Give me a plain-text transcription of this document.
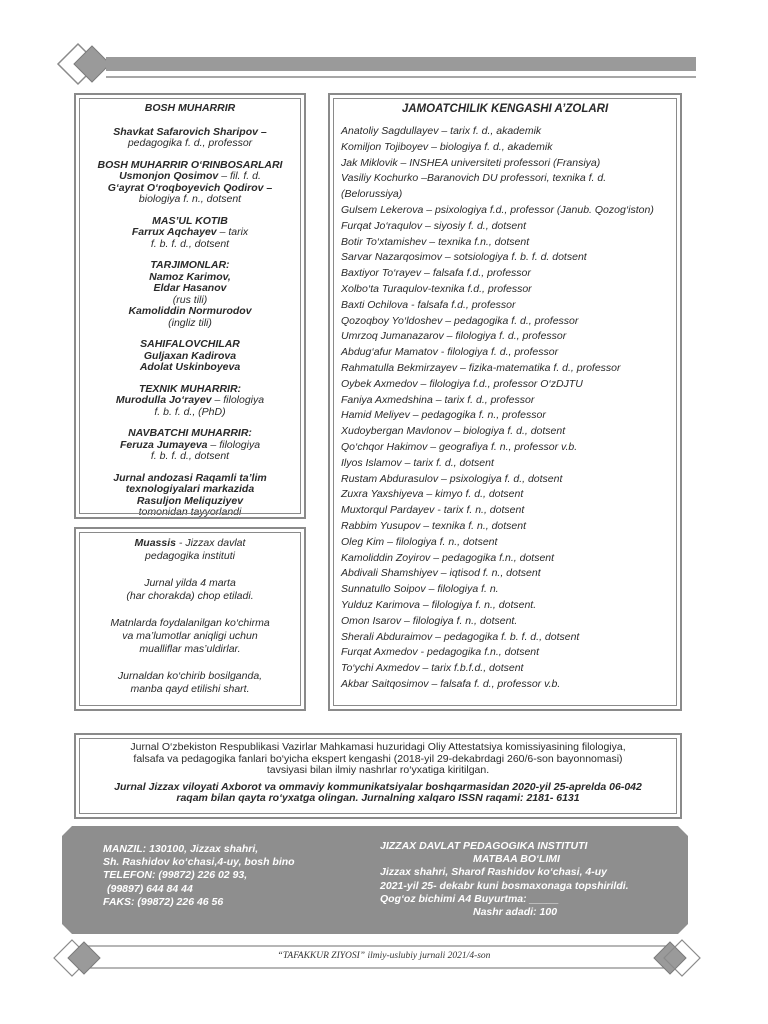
BOSH MUHARRIR
Shavkat Safarovich Sharipov –
pedagogika f. d., professor
BOSH MUHARRIR O‘RINBOSARLARI
Usmonjon Qosimov – fil. f. d.
G‘ayrat O‘roqboyevich Qodirov –
biologiya f. n., dotsent
MAS’UL KOTIB
Farrux Aqchayev – tarix
f. b. f. d., dotsent
TARJIMONLAR:
Namoz Karimov,
Eldar Hasanov
(rus tili)
Kamoliddin Normurodov
(ingliz tili)
SAHIFALOVCHILAR
Guljaxan Kadirova
Adolat Uskinboyeva
TEXNIK MUHARRIR:
Murodulla Jo‘rayev – filologiya
f. b. f. d., (PhD)
NAVBATCHI MUHARRIR:
Feruza Jumayeva – filologiya
f. b. f. d., dotsent
Jurnal andozasi Raqamli ta’lim
texnologiyalari markazida
Rasuljon Meliquziyev
tomonidan tayyorlandi
Muassis - Jizzax davlat
pedagogika instituti
Jurnal yilda 4 marta
(har chorakda) chop etiladi.
Matnlarda foydalanilgan ko‘chirma
va ma’lumotlar aniqligi uchun
mualliflar mas’uldirlar.
Jurnaldan ko‘chirib bosilganda,
manba qayd etilishi shart.
JAMOATCHILIK KENGASHI A’ZOLARI
Anatoliy Sagdullayev – tarix f. d., akademik
Komiljon Tojiboyev – biologiya f. d., akademik
Jak Miklovik – INSHEA universiteti professori (Fransiya)
Vasiliy Kochurko –Baranovich DU professori, texnika f. d.
(Belorussiya)
Gulsem Lekerova – psixologiya f.d., professor (Janub. Qozog‘iston)
Furqat Jo‘raqulov – siyosiy f. d., dotsent
Botir To‘xtamishev – texnika f.n., dotsent
Sarvar Nazarqosimov – sotsiologiya f. b. f. d. dotsent
Baxtiyor To‘rayev – falsafa f.d., professor
Xolbo‘ta Turaqulov-texnika f.d., professor
Baxti Ochilova - falsafa f.d., professor
Qozoqboy Yo‘ldoshev – pedagogika f. d., professor
Umrzoq Jumanazarov – filologiya f. d., professor
Abdug‘afur Mamatov - filologiya f. d., professor
Rahmatulla Bekmirzayev – fizika-matematika f. d., professor
Oybek Axmedov – filologiya f.d., professor O‘zDJTU
Faniya Axmedshina – tarix f. d., professor
Hamid Meliyev – pedagogika f. n., professor
Xudoybergan Mavlonov – biologiya f. d., dotsent
Qo‘chqor Hakimov – geografiya f. n., professor v.b.
Ilyos Islamov – tarix f. d., dotsent
Rustam Abdurasulov – psixologiya f. d., dotsent
Zuxra Yaxshiyeva – kimyo f. d., dotsent
Muxtorqul Pardayev - tarix f. n., dotsent
Rabbim Yusupov – texnika f. n., dotsent
Oleg Kim – filologiya f. n., dotsent
Kamoliddin Zoyirov – pedagogika f.n., dotsent
Abdivali Shamshiyev – iqtisod f. n., dotsent
Sunnatullo Soipov – filologiya f. n.
Yulduz Karimova – filologiya f. n., dotsent.
Omon Isarov – filologiya f. n., dotsent.
Sherali Abduraimov – pedagogika f. b. f. d., dotsent
Furqat Axmedov - pedagogika f.n., dotsent
To‘ychi Axmedov – tarix f.b.f.d., dotsent
Akbar Saitqosimov – falsafa f. d., professor v.b.
Jurnal O‘zbekiston Respublikasi Vazirlar Mahkamasi huzuridagi Oliy Attestatsiya komissiyasining filologiya,
falsafa va pedagogika fanlari bo‘yicha ekspert kengashi (2018-yil 29-dekabrdagi 260/6-son bayonnomasi)
tavsiyasi bilan ilmiy nashrlar ro‘yxatiga kiritilgan.
Jurnal Jizzax viloyati Axborot va ommaviy kommunikatsiyalar boshqarmasidan 2020-yil 25-aprelda 06-042
raqam bilan qayta ro‘yxatga olingan. Jurnalning xalqaro ISSN raqami: 2181- 6131
MANZIL: 130100, Jizzax shahri,
Sh. Rashidov ko‘chasi,4-uy, bosh bino
TELEFON: (99872) 226 02 93,
(99897) 644 84 44
FAKS: (99872) 226 46 56
JIZZAX DAVLAT PEDAGOGIKA INSTITUTI
MATBAA BO‘LIMI
Jizzax shahri, Sharof Rashidov ko‘chasi, 4-uy
2021-yil 25- dekabr kuni bosmaxonaga topshirildi.
Qog‘oz bichimi A4 Buyurtma: _____
Nashr adadi: 100
“TAFAKKUR ZIYOSI” ilmiy-uslubiy jurnali 2021/4-son
